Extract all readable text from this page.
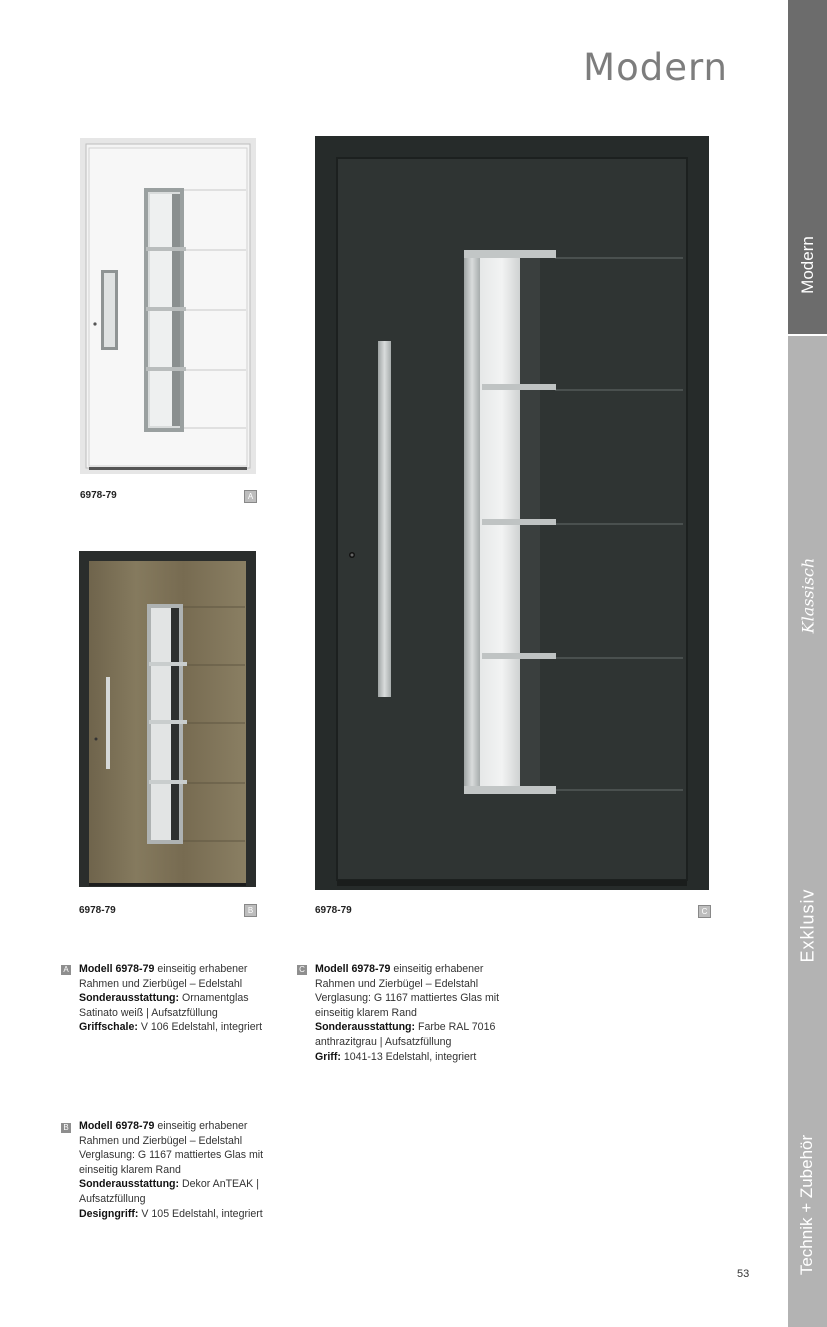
Modern
Modern
Klassisch
Exklusiv
Technik + Zubehör
6978-79	A
6978-79	B	6978-79	C
A Modell 6978-79 einseitig erhabener Rahmen und Zierbügel – Edelstahl
Sonderausstattung: Ornamentglas Satinato weiß | Aufsatzfüllung
Griffschale: V 106 Edelstahl, integriert
C Modell 6978-79 einseitig erhabener Rahmen und Zierbügel – Edelstahl
Verglasung: G 1167 mattiertes Glas mit einseitig klarem Rand
Sonderausstattung: Farbe RAL 7016 anthrazitgrau | Aufsatzfüllung
Griff: 1041-13 Edelstahl, integriert
B Modell 6978-79 einseitig erhabener Rahmen und Zierbügel – Edelstahl
Verglasung: G 1167 mattiertes Glas mit einseitig klarem Rand
Sonderausstattung: Dekor AnTEAK | Aufsatzfüllung
Designgriff: V 105 Edelstahl, integriert
53
